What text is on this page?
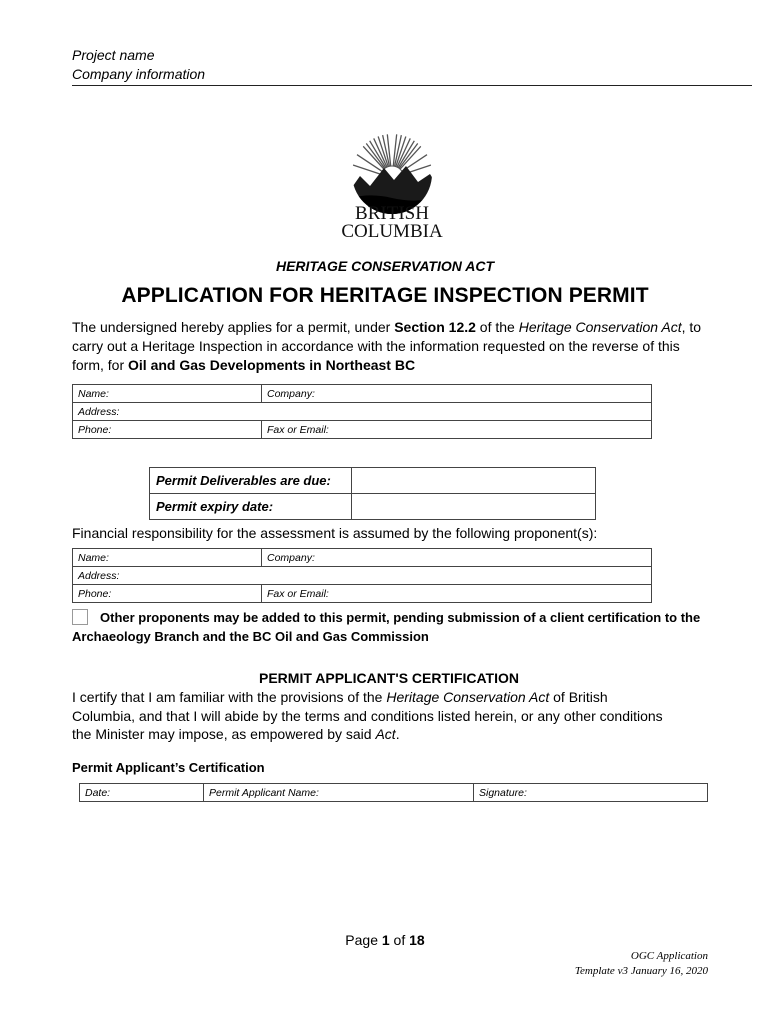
Project name
Company information
BRITISH
COLUMBIA
HERITAGE CONSERVATION ACT
APPLICATION FOR HERITAGE INSPECTION PERMIT
The undersigned hereby applies for a permit, under Section 12.2 of the Heritage Conservation Act, to carry out a Heritage Inspection in accordance with the information requested on the reverse of this form, for Oil and Gas Developments in Northeast BC
Name:	Company:
Address:	
Phone:	Fax or Email:
Permit Deliverables are due:	
Permit expiry date:	
Financial responsibility for the assessment is assumed by the following proponent(s):
Name:	Company:
Address:	
Phone:	Fax or Email:
Other proponents may be added to this permit, pending submission of a client certification to the Archaeology Branch and the BC Oil and Gas Commission
PERMIT APPLICANT'S CERTIFICATION
I certify that I am familiar with the provisions of the Heritage Conservation Act of British Columbia, and that I will abide by the terms and conditions listed herein, or any other conditions the Minister may impose, as empowered by said Act.
Permit Applicant’s Certification
Date:	Permit Applicant Name:	Signature:
Page 1 of 18
OGC Application
Template v3 January 16, 2020
